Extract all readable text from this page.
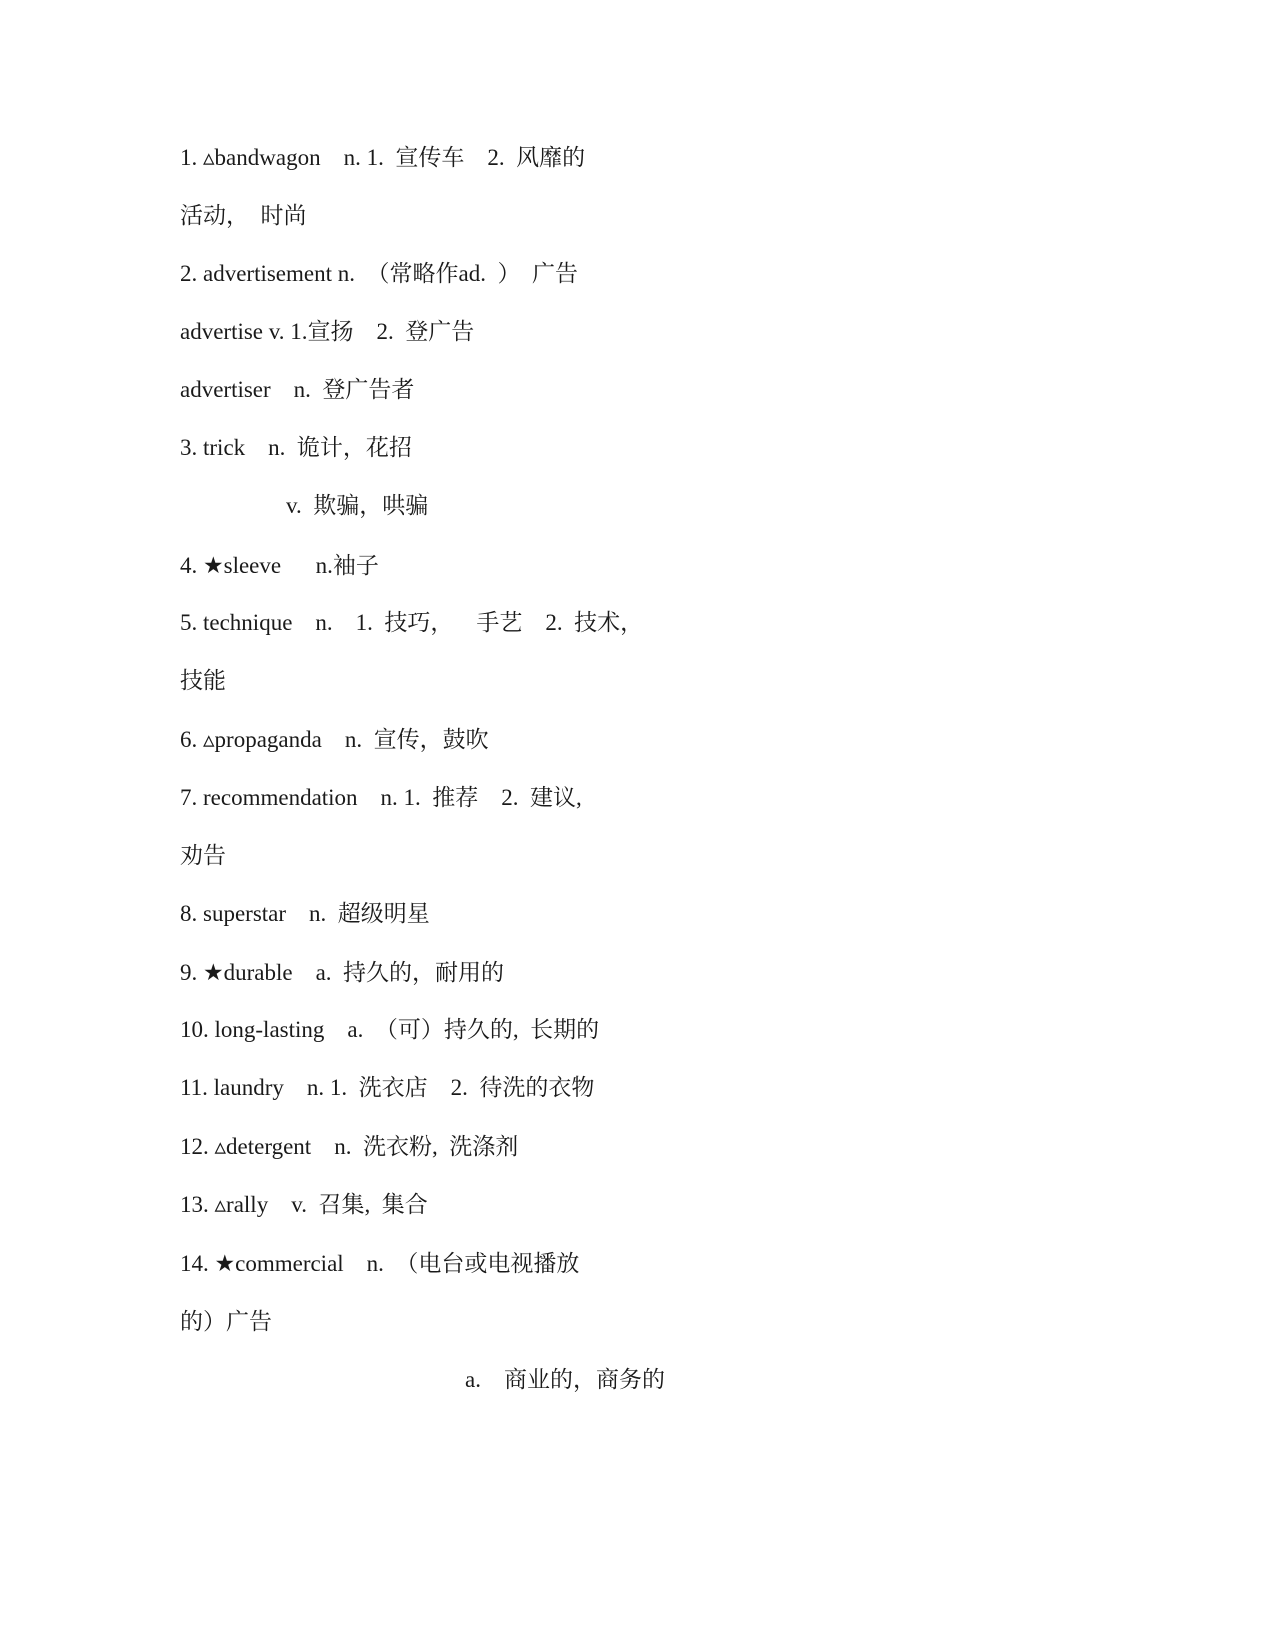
1. ▵bandwagon    n. 1.  宣传车    2.  风靡的
活动，  时尚
2. advertisement n.  （常略作ad.  ）  广告
advertise v. 1.宣扬    2.  登广告
advertiser    n.  登广告者
3. trick    n.  诡计，花招
v.  欺骗，哄骗
4. ★sleeve      n.袖子
5. technique    n.    1.  技巧，    手艺    2.  技术，
技能
6. ▵propaganda    n.  宣传，鼓吹
7. recommendation    n. 1.  推荐    2.  建议,
劝告
8. superstar    n.  超级明星
9. ★durable    a.  持久的，耐用的
10. long-lasting    a.  （可）持久的,  长期的
11. laundry    n. 1.  洗衣店    2.  待洗的衣物
12. ▵detergent    n.  洗衣粉,  洗涤剂
13. ▵rally    v.  召集,  集合
14. ★commercial    n.  （电台或电视播放
的）广告
a.    商业的，商务的
